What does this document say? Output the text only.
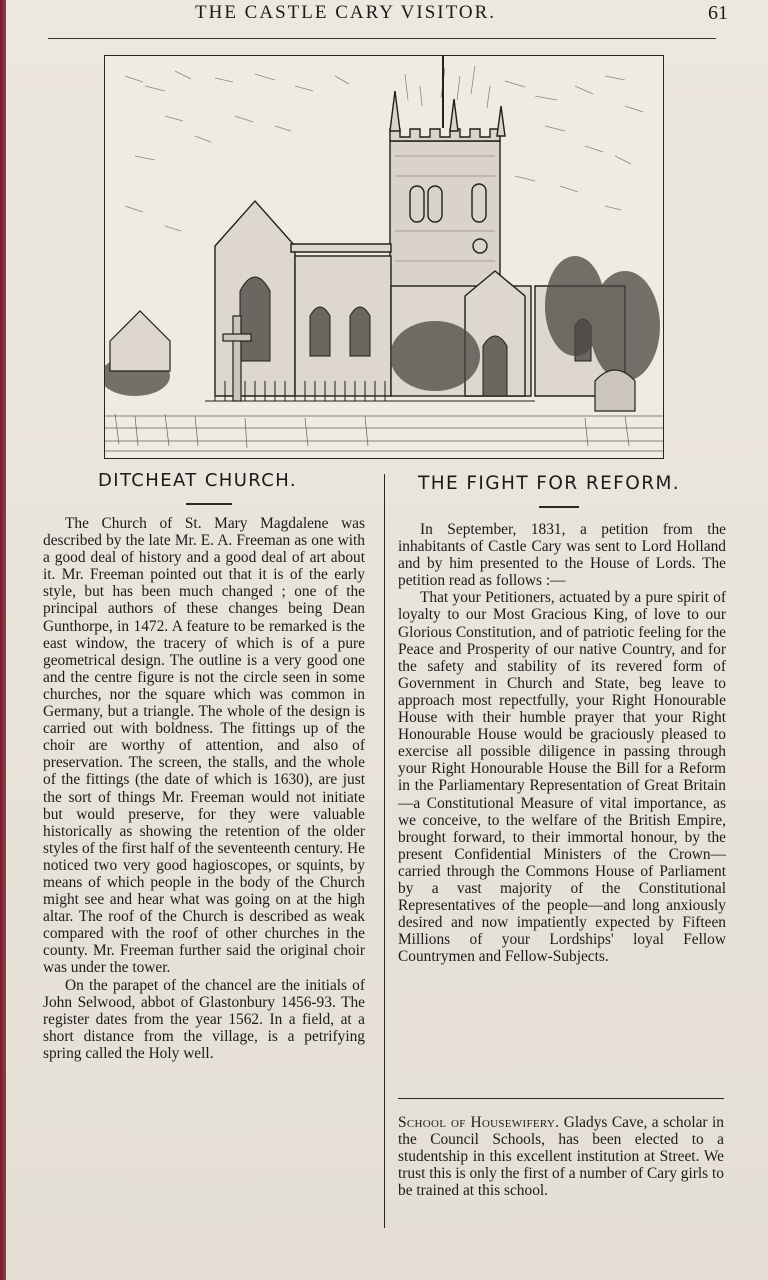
THE CASTLE CARY VISITOR.	61
DITCHEAT CHURCH.	THE FIGHT FOR REFORM.

The Church of St. Mary Magdalene was described by the late Mr. E. A. Freeman as one with a good deal of history and a good deal of art about it. Mr. Freeman pointed out that it is of the early style, but has been much changed ; one of the principal authors of these changes being Dean Gunthorpe, in 1472. A feature to be remarked is the east window, the tracery of which is of a pure geometrical design. The outline is a very good one and the centre figure is not the circle seen in some churches, nor the square which was common in Germany, but a triangle. The whole of the design is carried out with boldness. The fittings up of the choir are worthy of attention, and also of preservation. The screen, the stalls, and the whole of the fittings (the date of which is 1630), are just the sort of things Mr. Freeman would not initiate but would preserve, for they were valuable historically as showing the retention of the older styles of the first half of the seventeenth century. He noticed two very good hagioscopes, or squints, by means of which people in the body of the Church might see and hear what was going on at the high altar. The roof of the Church is described as weak compared with the roof of other churches in the county. Mr. Freeman further said the original choir was under the tower.

On the parapet of the chancel are the initials of John Selwood, abbot of Glastonbury 1456-93. The register dates from the year 1562. In a field, at a short distance from the village, is a petrifying spring called the Holy well.

In September, 1831, a petition from the inhabitants of Castle Cary was sent to Lord Holland and by him presented to the House of Lords. The petition read as follows :—

That your Petitioners, actuated by a pure spirit of loyalty to our Most Gracious King, of love to our Glorious Constitution, and of patriotic feeling for the Peace and Prosperity of our native Country, and for the safety and stability of its revered form of Government in Church and State, beg leave to approach most repectfully, your Right Honourable House with their humble prayer that your Right Honourable House would be graciously pleased to exercise all possible diligence in passing through your Right Honourable House the Bill for a Reform in the Parliamentary Representation of Great Britain—a Constitutional Measure of vital importance, as we conceive, to the welfare of the British Empire, brought forward, to their immortal honour, by the present Confidential Ministers of the Crown—carried through the Commons House of Parliament by a vast majority of the Constitutional Representatives of the people—and long anxiously desired and now impatiently expected by Fifteen Millions of your Lordships' loyal Fellow Countrymen and Fellow-Subjects.

School of Housewifery. Gladys Cave, a scholar in the Council Schools, has been elected to a studentship in this excellent institution at Street. We trust this is only the first of a number of Cary girls to be trained at this school.
